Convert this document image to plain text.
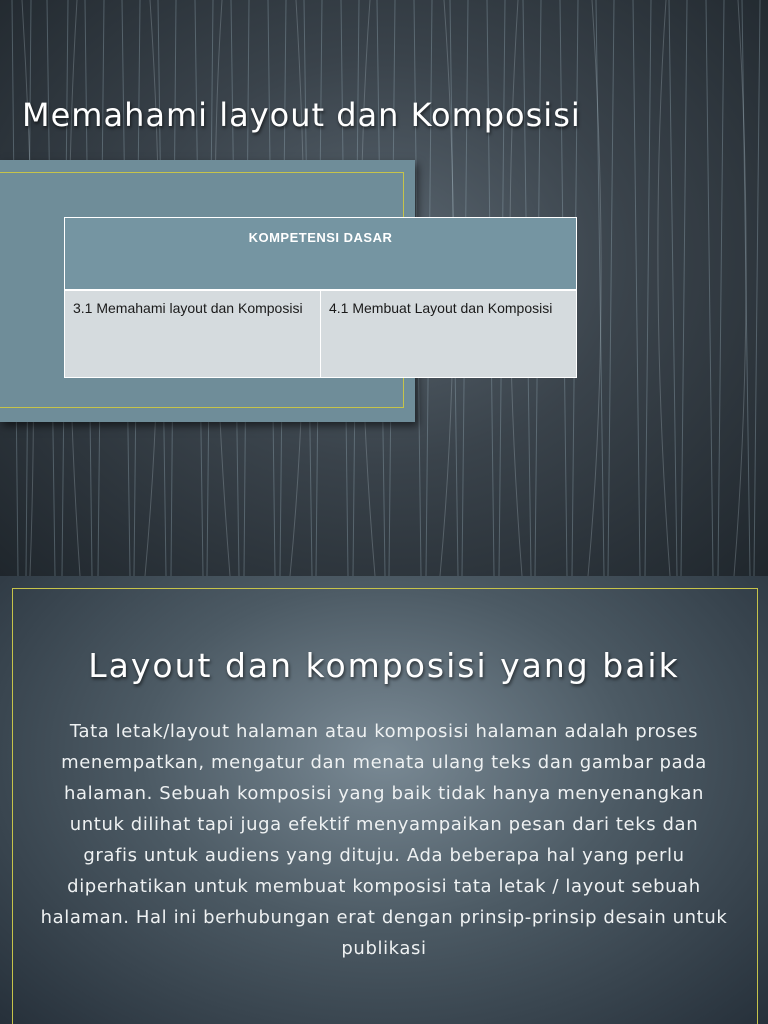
Memahami layout dan Komposisi
KOMPETENSI DASAR
3.1 Memahami layout dan Komposisi	4.1 Membuat Layout dan Komposisi
Layout dan komposisi yang baik

Tata letak/layout halaman atau komposisi halaman adalah proses menempatkan, mengatur dan menata ulang teks dan gambar pada halaman. Sebuah komposisi yang baik tidak hanya menyenangkan untuk dilihat tapi juga efektif menyampaikan pesan dari teks dan grafis untuk audiens yang dituju. Ada beberapa hal yang perlu diperhatikan untuk membuat komposisi tata letak / layout sebuah halaman. Hal ini berhubungan erat dengan prinsip-prinsip desain untuk publikasi
